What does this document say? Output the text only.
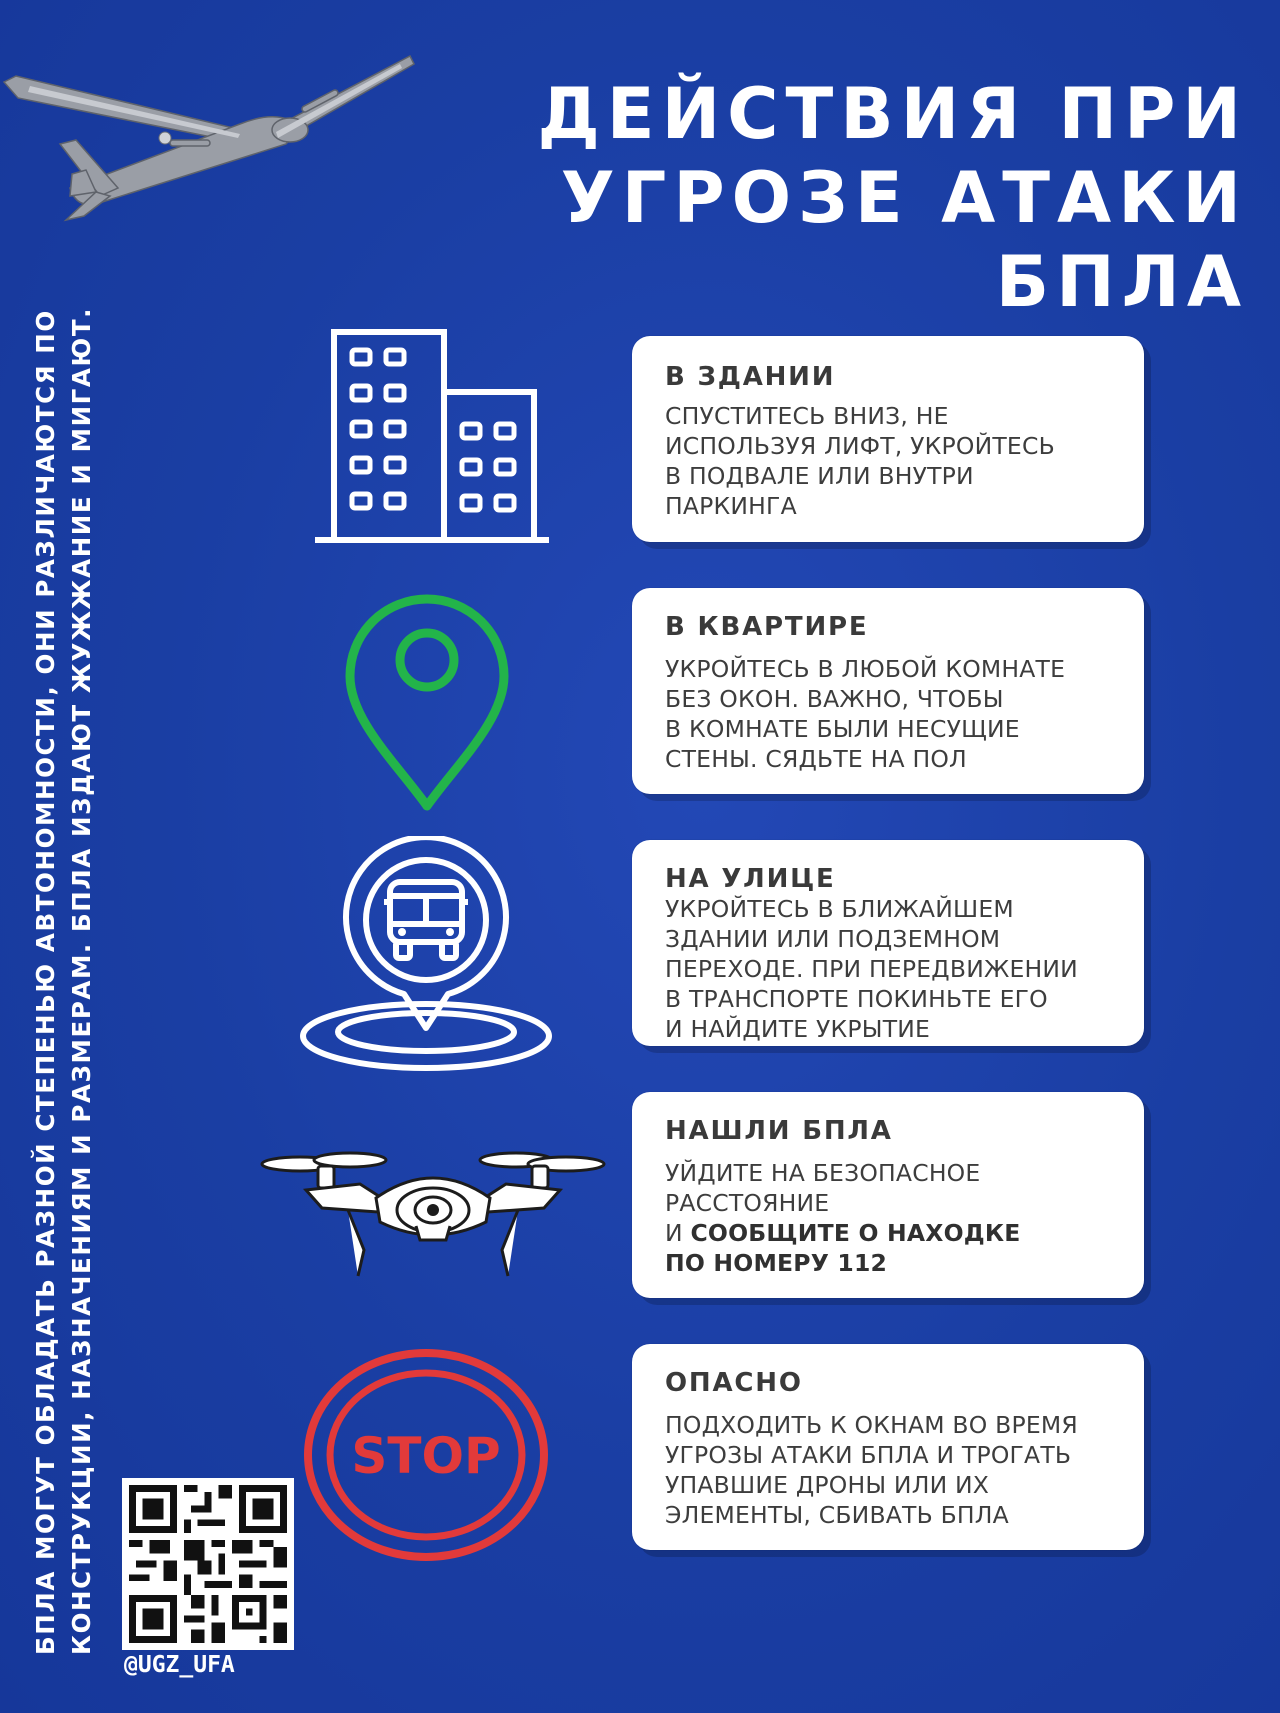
ДЕЙСТВИЯ ПРИ
УГРОЗЕ АТАКИ БПЛА
БПЛА МОГУТ ОБЛАДАТЬ РАЗНОЙ СТЕПЕНЬЮ АВТОНОМНОСТИ, ОНИ РАЗЛИЧАЮТСЯ ПО КОНСТРУКЦИИ, НАЗНАЧЕНИЯМ И РАЗМЕРАМ. БПЛА ИЗДАЮТ ЖУЖЖАНИЕ И МИГАЮТ.	STOP
В ЗДАНИИ
СПУСТИТЕСЬ ВНИЗ, НЕ
ИСПОЛЬЗУЯ ЛИФТ, УКРОЙТЕСЬ
В ПОДВАЛЕ ИЛИ ВНУТРИ
ПАРКИНГА
В КВАРТИРЕ
УКРОЙТЕСЬ В ЛЮБОЙ КОМНАТЕ
БЕЗ ОКОН. ВАЖНО, ЧТОБЫ
В КОМНАТЕ БЫЛИ НЕСУЩИЕ
СТЕНЫ. СЯДЬТЕ НА ПОЛ
НА УЛИЦЕ
УКРОЙТЕСЬ В БЛИЖАЙШЕМ
ЗДАНИИ ИЛИ ПОДЗЕМНОМ
ПЕРЕХОДЕ. ПРИ ПЕРЕДВИЖЕНИИ
В ТРАНСПОРТЕ ПОКИНЬТЕ ЕГО
И НАЙДИТЕ УКРЫТИЕ
НАШЛИ БПЛА
УЙДИТЕ НА БЕЗОПАСНОЕ
РАССТОЯНИЕ
И СООБЩИТЕ О НАХОДКЕ
ПО НОМЕРУ 112
ОПАСНО
ПОДХОДИТЬ К ОКНАМ ВО ВРЕМЯ
УГРОЗЫ АТАКИ БПЛА И ТРОГАТЬ
УПАВШИЕ ДРОНЫ ИЛИ ИХ
ЭЛЕМЕНТЫ, СБИВАТЬ БПЛА
@UGZ_UFA
